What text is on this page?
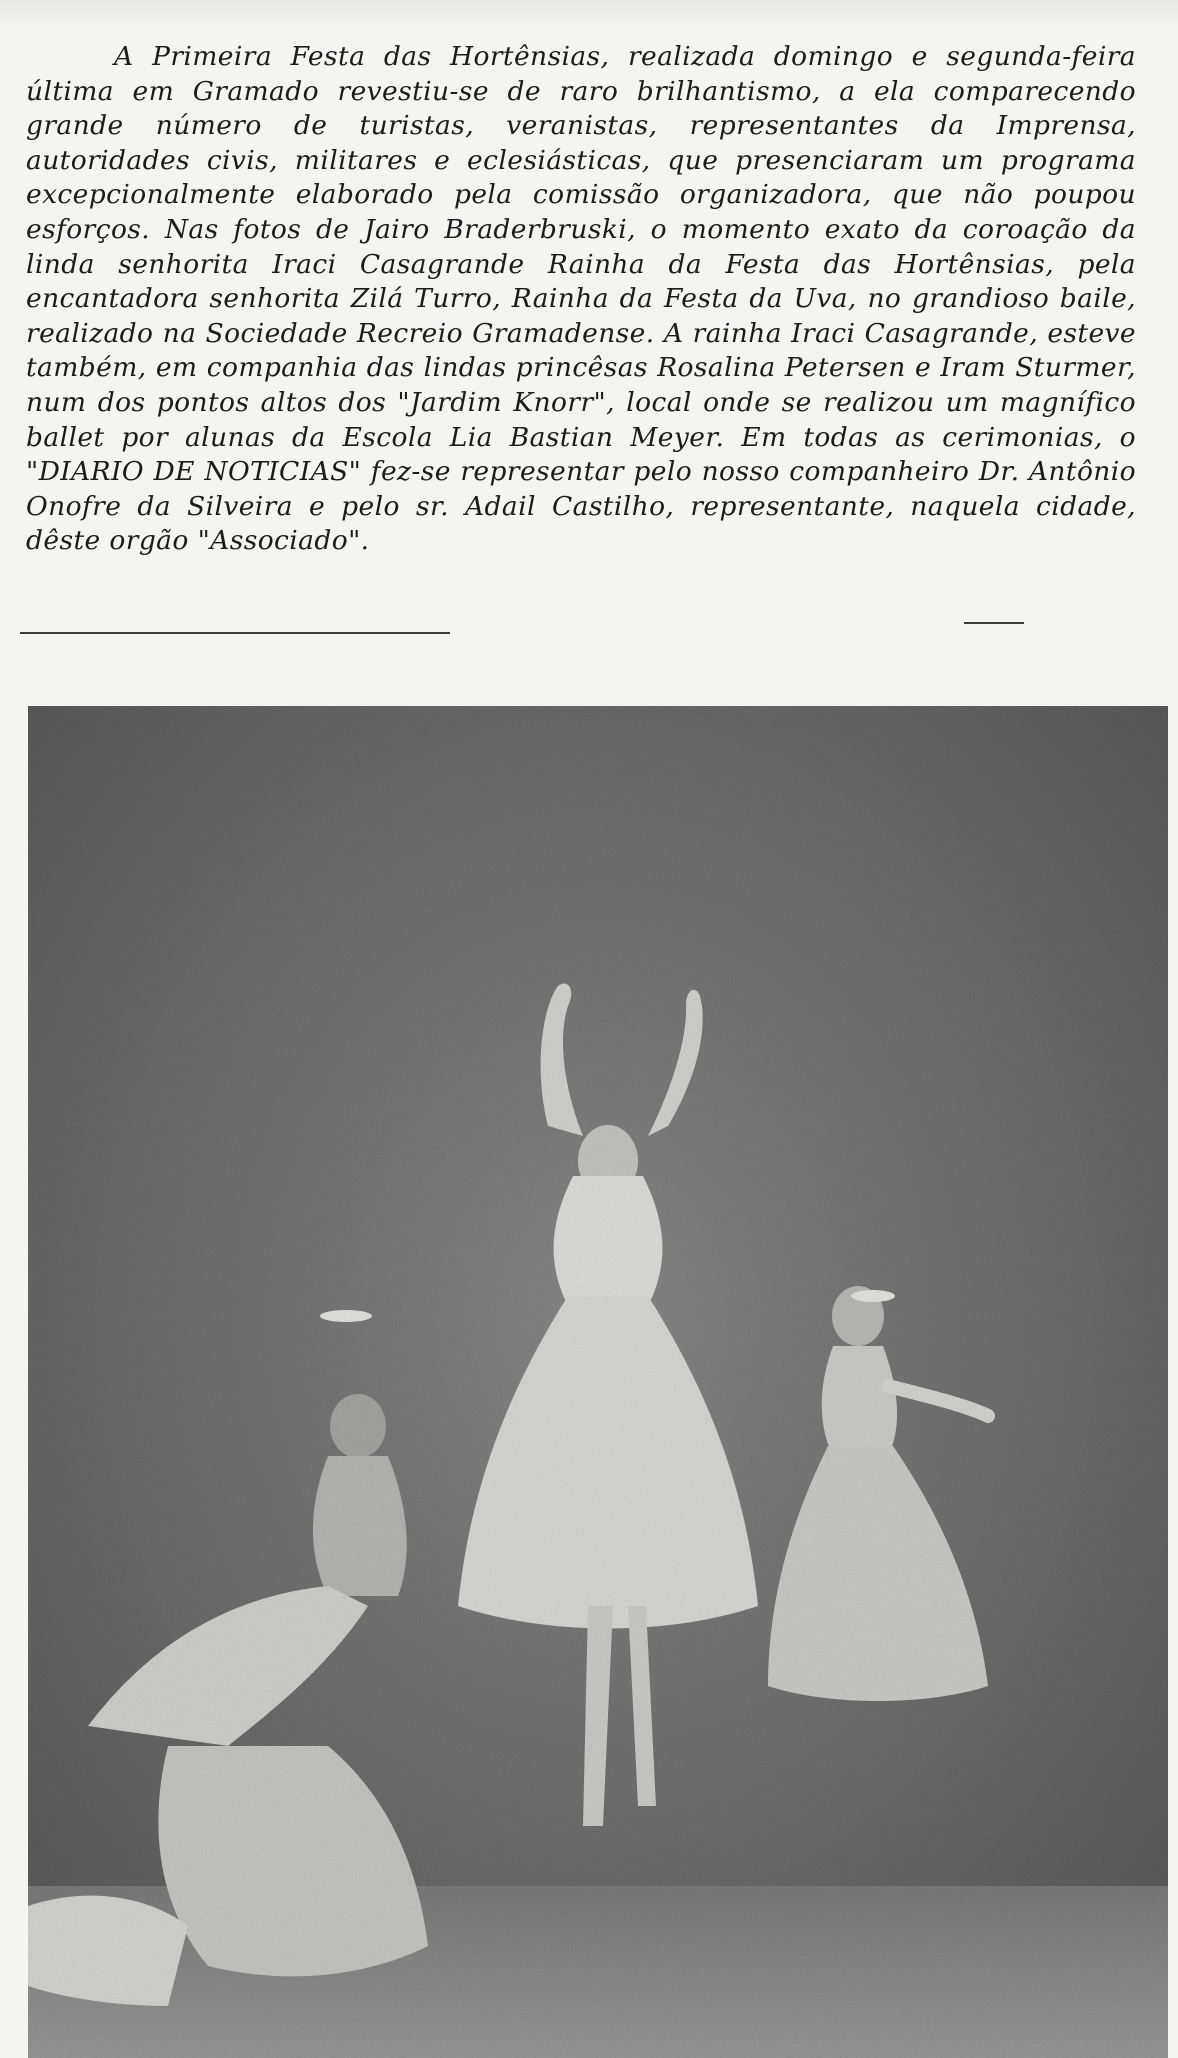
A Primeira Festa das Hortênsias, realizada domingo e segunda-feira última em Gramado revestiu-se de raro brilhantismo, a ela comparecendo grande número de turistas, veranistas, representantes da Imprensa, autoridades civis, militares e eclesiásticas, que presenciaram um programa excepcionalmente elaborado pela comissão organizadora, que não poupou esforços. Nas fotos de Jairo Braderbruski, o momento exato da coroação da linda senhorita Iraci Casagrande Rainha da Festa das Hortênsias, pela encantadora senhorita Zilá Turro, Rainha da Festa da Uva, no grandioso baile, realizado na Sociedade Recreio Gramadense. A rainha Iraci Casagrande, esteve também, em companhia das lindas princêsas Rosalina Petersen e Iram Sturmer, num dos pontos altos dos "Jardim Knorr", local onde se realizou um magnífico ballet por alunas da Escola Lia Bastian Meyer. Em todas as cerimonias, o "DIARIO DE NOTICIAS" fez-se representar pelo nosso companheiro Dr. Antônio Onofre da Silveira e pelo sr. Adail Castilho, representante, naquela cidade, dêste orgão "Associado".
